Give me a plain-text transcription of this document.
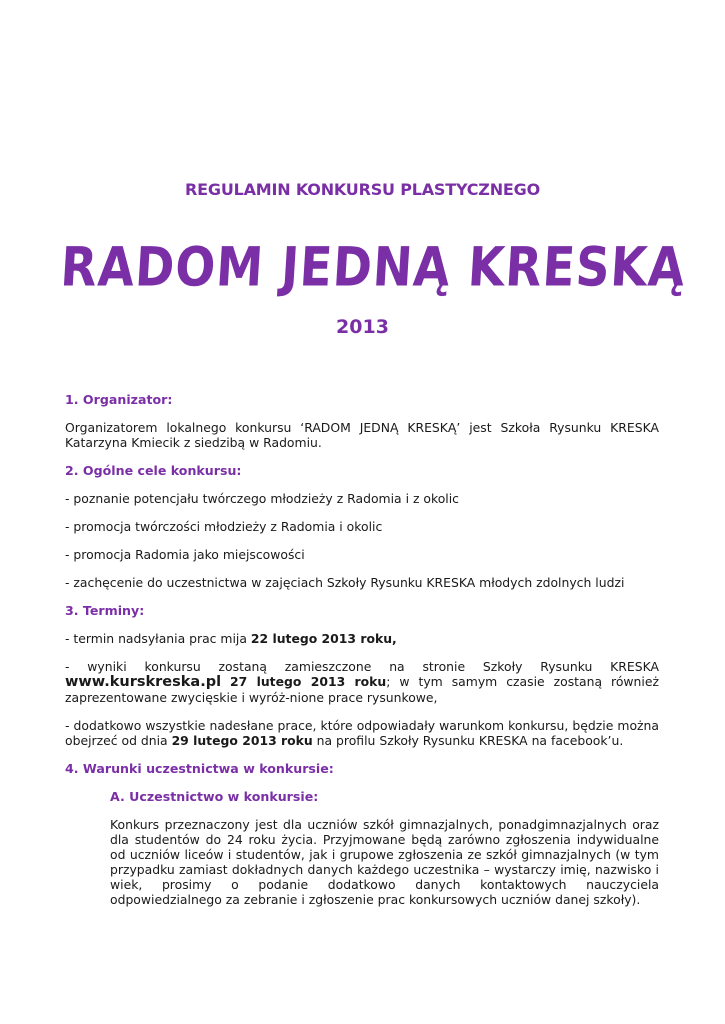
REGULAMIN KONKURSU PLASTYCZNEGO
RADOM JEDNĄ KRESKĄ
2013
1. Organizator:
Organizatorem lokalnego konkursu ‘RADOM JEDNĄ KRESKĄ’ jest Szkoła Rysunku KRESKA Katarzyna Kmiecik z siedzibą w Radomiu.
2. Ogólne cele konkursu:
- poznanie potencjału twórczego młodzieży z Radomia i z okolic
- promocja twórczości młodzieży z Radomia i okolic
- promocja Radomia jako miejscowości
- zachęcenie do uczestnictwa w zajęciach Szkoły Rysunku KRESKA młodych zdolnych ludzi
3. Terminy:
- termin nadsyłania prac mija 22 lutego 2013 roku,
- wyniki konkursu zostaną zamieszczone na stronie Szkoły Rysunku KRESKA www.kurskreska.pl 27 lutego 2013 roku; w tym samym czasie zostaną również zaprezentowane zwycięskie i wyróż-nione prace rysunkowe,
- dodatkowo wszystkie nadesłane prace, które odpowiadały warunkom konkursu, będzie można obejrzeć od dnia 29 lutego 2013 roku na profilu Szkoły Rysunku KRESKA na facebook’u.
4. Warunki uczestnictwa w konkursie:
A. Uczestnictwo w konkursie:
Konkurs przeznaczony jest dla uczniów szkół gimnazjalnych, ponadgimnazjalnych oraz dla studentów do 24 roku życia. Przyjmowane będą zarówno zgłoszenia indywidualne od uczniów liceów i studentów, jak i grupowe zgłoszenia ze szkół gimnazjalnych (w tym przypadku zamiast dokładnych danych każdego uczestnika – wystarczy imię, nazwisko i wiek, prosimy o podanie dodatkowo danych kontaktowych nauczyciela odpowiedzialnego za zebranie i zgłoszenie prac konkursowych uczniów danej szkoły).
